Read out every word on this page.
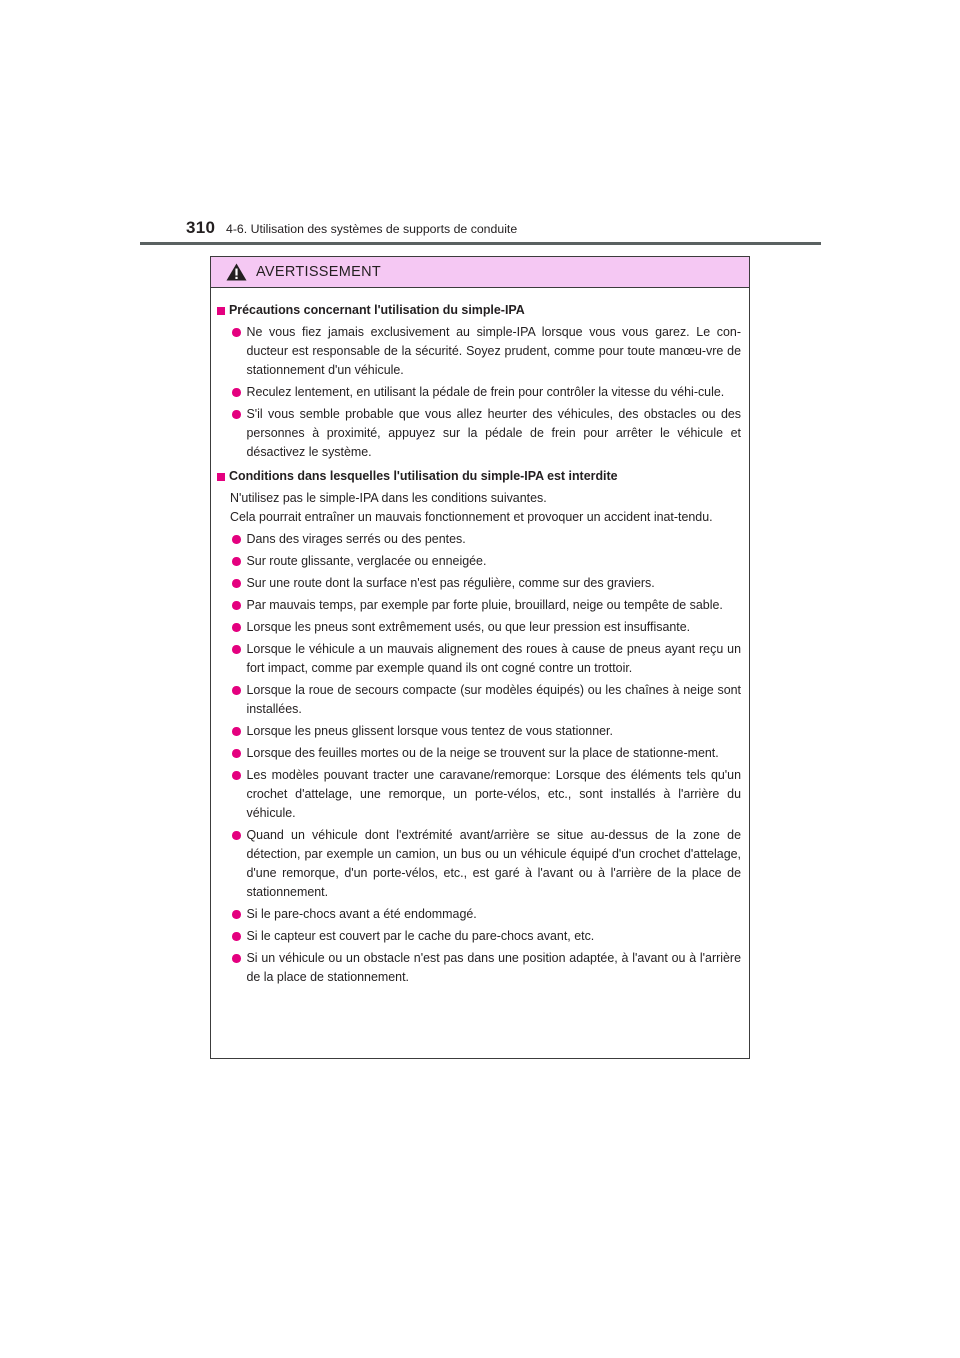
310 4-6. Utilisation des systèmes de supports de conduite
AVERTISSEMENT
Précautions concernant l'utilisation du simple-IPA
Ne vous fiez jamais exclusivement au simple-IPA lorsque vous vous garez. Le con-ducteur est responsable de la sécurité. Soyez prudent, comme pour toute manœu-vre de stationnement d'un véhicule.
Reculez lentement, en utilisant la pédale de frein pour contrôler la vitesse du véhi-cule.
S'il vous semble probable que vous allez heurter des véhicules, des obstacles ou des personnes à proximité, appuyez sur la pédale de frein pour arrêter le véhicule et désactivez le système.
Conditions dans lesquelles l'utilisation du simple-IPA est interdite
N'utilisez pas le simple-IPA dans les conditions suivantes.
Cela pourrait entraîner un mauvais fonctionnement et provoquer un accident inat-tendu.
Dans des virages serrés ou des pentes.
Sur route glissante, verglacée ou enneigée.
Sur une route dont la surface n'est pas régulière, comme sur des graviers.
Par mauvais temps, par exemple par forte pluie, brouillard, neige ou tempête de sable.
Lorsque les pneus sont extrêmement usés, ou que leur pression est insuffisante.
Lorsque le véhicule a un mauvais alignement des roues à cause de pneus ayant reçu un fort impact, comme par exemple quand ils ont cogné contre un trottoir.
Lorsque la roue de secours compacte (sur modèles équipés) ou les chaînes à neige sont installées.
Lorsque les pneus glissent lorsque vous tentez de vous stationner.
Lorsque des feuilles mortes ou de la neige se trouvent sur la place de stationne-ment.
Les modèles pouvant tracter une caravane/remorque: Lorsque des éléments tels qu'un crochet d'attelage, une remorque, un porte-vélos, etc., sont installés à l'arrière du véhicule.
Quand un véhicule dont l'extrémité avant/arrière se situe au-dessus de la zone de détection, par exemple un camion, un bus ou un véhicule équipé d'un crochet d'attelage, d'une remorque, d'un porte-vélos, etc., est garé à l'avant ou à l'arrière de la place de stationnement.
Si le pare-chocs avant a été endommagé.
Si le capteur est couvert par le cache du pare-chocs avant, etc.
Si un véhicule ou un obstacle n'est pas dans une position adaptée, à l'avant ou à l'arrière de la place de stationnement.
